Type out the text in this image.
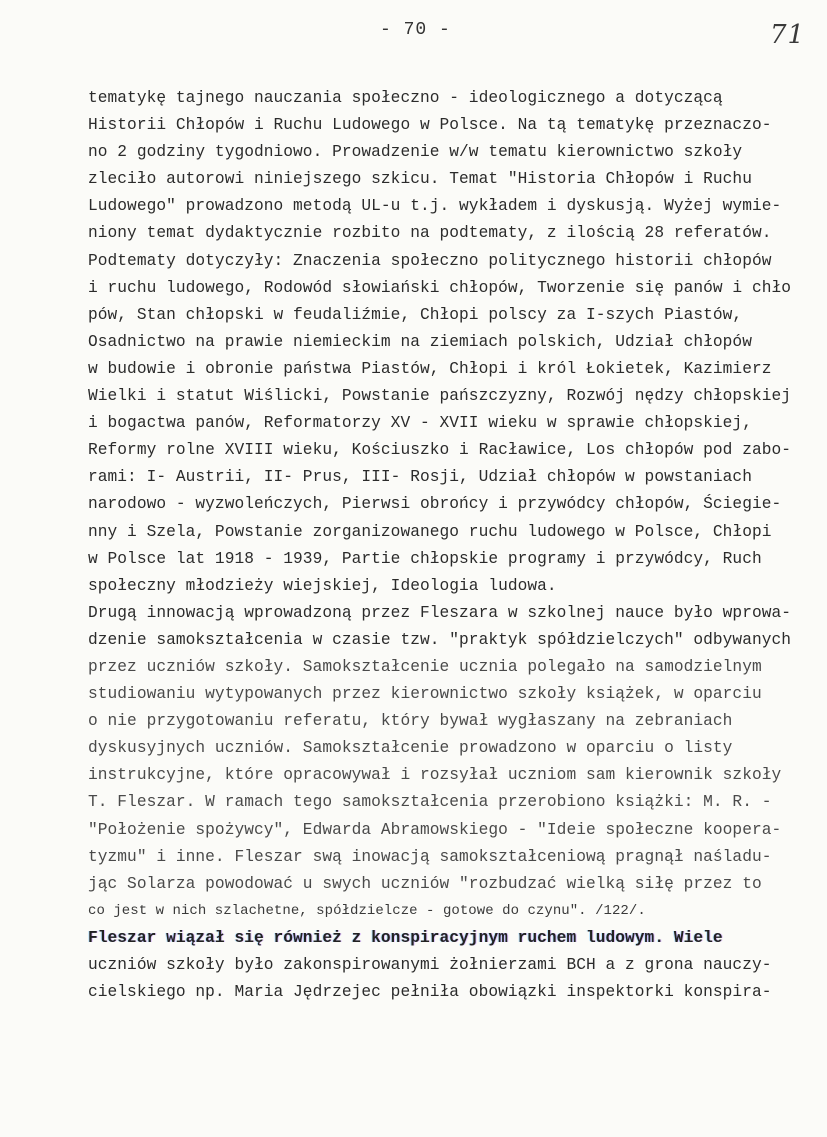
- 70 -	71
tematykę tajnego nauczania społeczno - ideologicznego a dotyczącą
Historii Chłopów i Ruchu Ludowego w Polsce. Na tą tematykę przeznaczo-
no 2 godziny tygodniowo. Prowadzenie w/w tematu kierownictwo szkoły
zleciło autorowi niniejszego szkicu. Temat "Historia Chłopów i Ruchu
Ludowego" prowadzono metodą UL-u t.j. wykładem i dyskusją. Wyżej wymie-
niony temat dydaktycznie rozbito na podtematy, z ilością 28 referatów.
Podtematy dotyczyły: Znaczenia społeczno politycznego historii chłopów
i ruchu ludowego, Rodowód słowiański chłopów, Tworzenie się panów i chło
pów, Stan chłopski w feudaliźmie, Chłopi polscy za I-szych Piastów,
Osadnictwo na prawie niemieckim na ziemiach polskich, Udział chłopów
w budowie i obronie państwa Piastów, Chłopi i król Łokietek, Kazimierz
Wielki i statut Wiślicki, Powstanie pańszczyzny, Rozwój nędzy chłopskiej
i bogactwa panów, Reformatorzy XV - XVII wieku w sprawie chłopskiej,
Reformy rolne XVIII wieku, Kościuszko i Racławice, Los chłopów pod zabo-
rami: I- Austrii, II- Prus, III- Rosji, Udział chłopów w powstaniach
narodowo - wyzwoleńczych, Pierwsi obrońcy i przywódcy chłopów, Ściegie-
nny i Szela, Powstanie zorganizowanego ruchu ludowego w Polsce, Chłopi
w Polsce lat 1918 - 1939, Partie chłopskie programy i przywódcy, Ruch
społeczny młodzieży wiejskiej, Ideologia ludowa.
Drugą innowacją wprowadzoną przez Fleszara w szkolnej nauce było wprowa-
dzenie samokształcenia w czasie tzw. "praktyk spółdzielczych" odbywanych
przez uczniów szkoły. Samokształcenie ucznia polegało na samodzielnym
studiowaniu wytypowanych przez kierownictwo szkoły książek, w oparciu
o nie przygotowaniu referatu, który bywał wygłaszany na zebraniach
dyskusyjnych uczniów. Samokształcenie prowadzono w oparciu o listy
instrukcyjne, które opracowywał i rozsyłał uczniom sam kierownik szkoły
T. Fleszar. W ramach tego samokształcenia przerobiono książki: M. R. -
"Położenie spożywcy", Edwarda Abramowskiego - "Ideie społeczne koopera-
tyzmu" i inne. Fleszar swą inowacją samokształceniową pragnął naśladu-
jąc Solarza powodować u swych uczniów "rozbudzać wielką siłę przez to
co jest w nich szlachetne, spółdzielcze - gotowe do czynu". /122/.
Fleszar wiązał się również z konspiracyjnym ruchem ludowym. Wiele
uczniów szkoły było zakonspirowanymi żołnierzami BCH a z grona nauczy-
cielskiego np. Maria Jędrzejec pełniła obowiązki inspektorki konspira-
